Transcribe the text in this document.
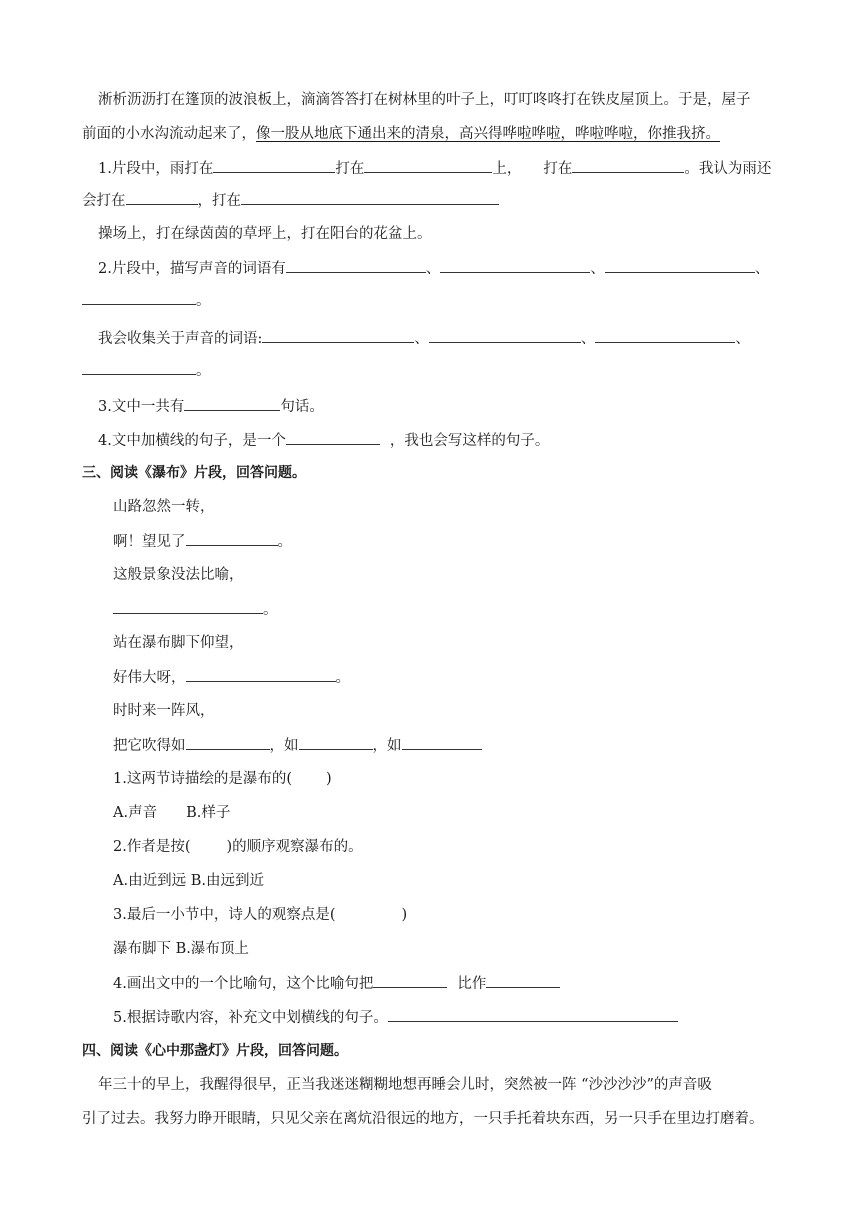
淅析沥沥打在篷顶的波浪板上，滴滴答答打在树林里的叶子上，叮叮咚咚打在铁皮屋顶上。于是，屋子
前面的小水沟流动起来了，像一股从地底下通出来的清泉，高兴得哗啦哗啦，哗啦哗啦，你推我挤。
1.片段中，雨打在	打在	上， 打在	。我认为雨还
会打在	，打在
操场上，打在绿茵茵的草坪上，打在阳台的花盆上。
2.片段中，描写声音的词语有	、	、	、
。
我会收集关于声音的词语:	、	、	、
。
3.文中一共有	句话。
4.文中加横线的句子，是一个	，我也会写这样的句子。
三、阅读《瀑布》片段，回答问题。
山路忽然一转，
啊！望见了	。
这般景象没法比喻，
。
站在瀑布脚下仰望，
好伟大呀，	。
时时来一阵风，
把它吹得如	，如	，如
1.这两节诗描绘的是瀑布的( )
A.声音　　B.样子
2.作者是按( )的顺序观察瀑布的。
A.由近到远 B.由远到近
3.最后一小节中，诗人的观察点是(	)
瀑布脚下 B.瀑布顶上
4.画出文中的一个比喻句，这个比喻句把	比作
5.根据诗歌内容，补充文中划横线的句子。
四、阅读《心中那盏灯》片段，回答问题。
年三十的早上，我醒得很早，正当我迷迷糊糊地想再睡会儿时，突然被一阵 “沙沙沙沙”的声音吸
引了过去。我努力睁开眼睛，只见父亲在离炕沿很远的地方，一只手托着块东西，另一只手在里边打磨着。
